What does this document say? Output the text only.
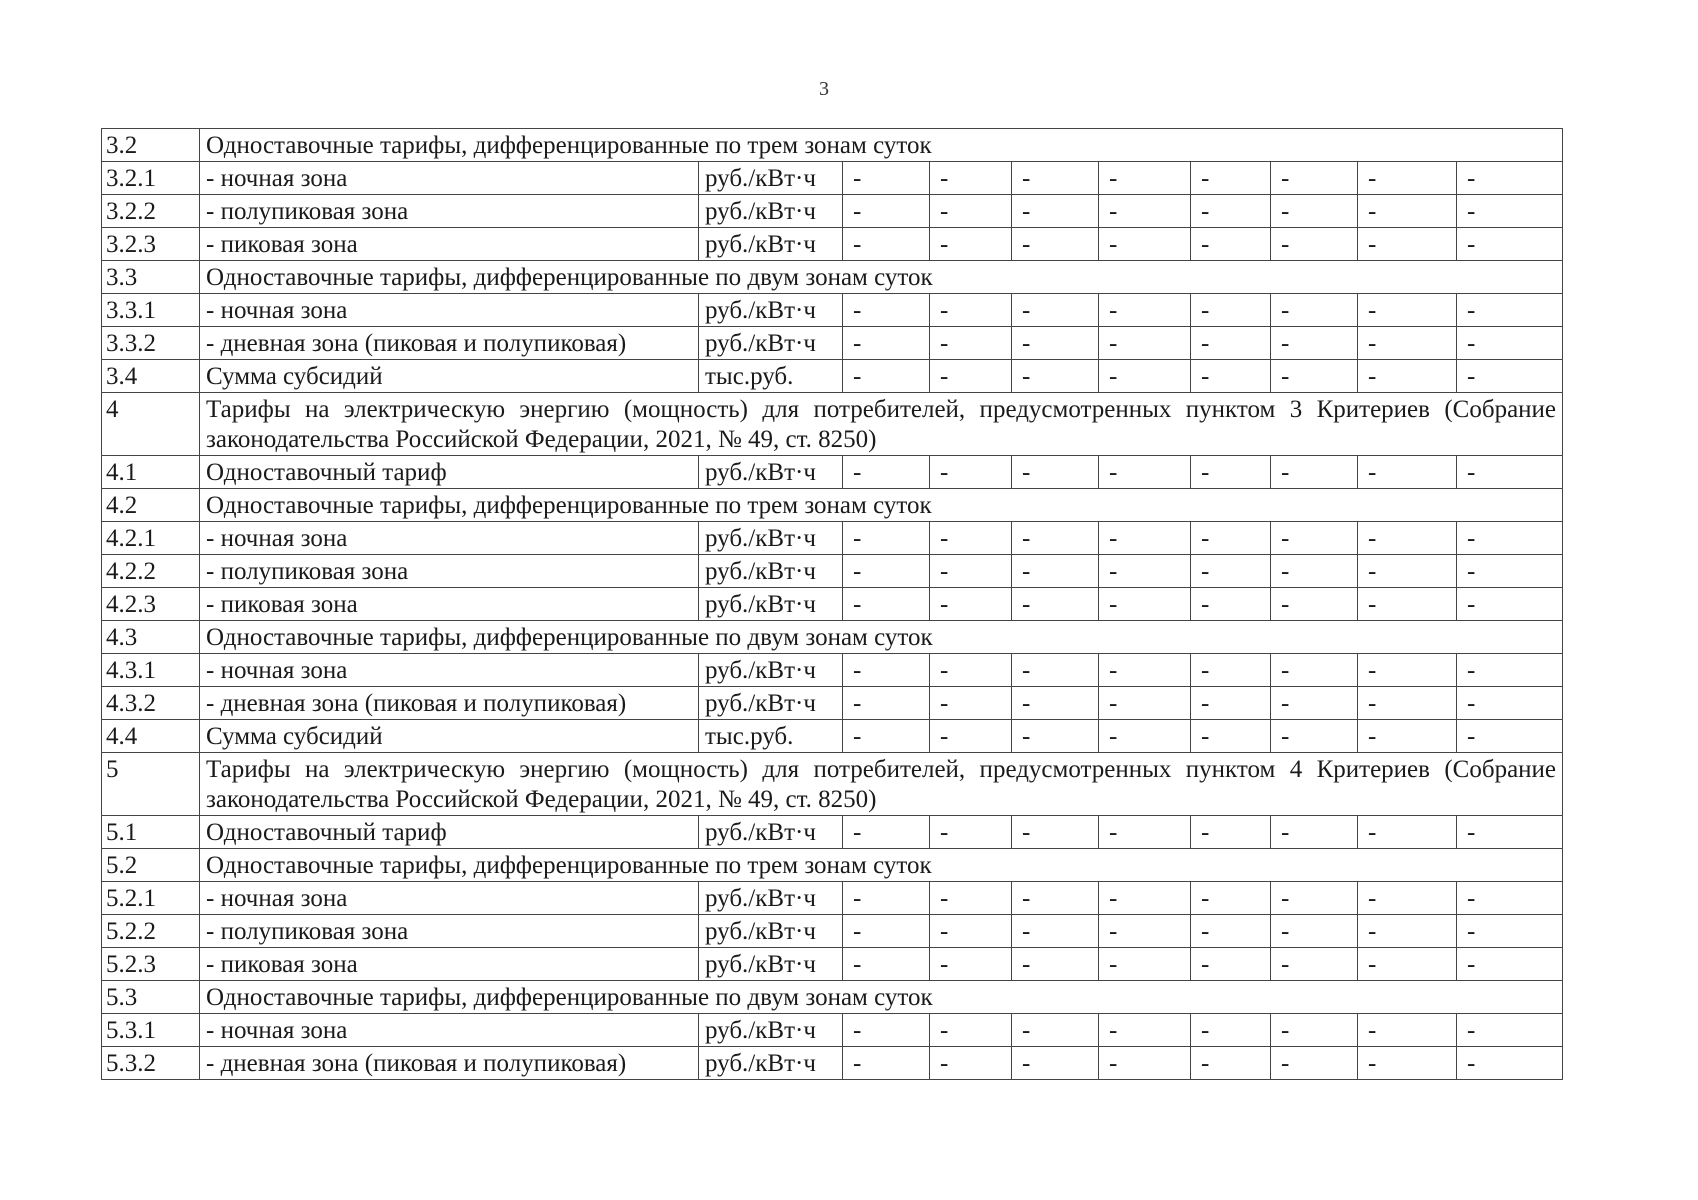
3
3.2	Одноставочные тарифы, дифференцированные по трем зонам суток									
3.2.1	- ночная зона	руб./кВт·ч	-	-	-	-	-	-	-	-
3.2.2	- полупиковая зона	руб./кВт·ч	-	-	-	-	-	-	-	-
3.2.3	- пиковая зона	руб./кВт·ч	-	-	-	-	-	-	-	-
3.3	Одноставочные тарифы, дифференцированные по двум зонам суток									
3.3.1	- ночная зона	руб./кВт·ч	-	-	-	-	-	-	-	-
3.3.2	- дневная зона (пиковая и полупиковая)	руб./кВт·ч	-	-	-	-	-	-	-	-
3.4	Сумма субсидий	тыс.руб.	-	-	-	-	-	-	-	-
4	Тарифы на электрическую энергию (мощность) для потребителей, предусмотренных пунктом 3 Критериев (Собрание законодательства Российской Федерации, 2021, № 49, ст. 8250)									
4.1	Одноставочный тариф	руб./кВт·ч	-	-	-	-	-	-	-	-
4.2	Одноставочные тарифы, дифференцированные по трем зонам суток									
4.2.1	- ночная зона	руб./кВт·ч	-	-	-	-	-	-	-	-
4.2.2	- полупиковая зона	руб./кВт·ч	-	-	-	-	-	-	-	-
4.2.3	- пиковая зона	руб./кВт·ч	-	-	-	-	-	-	-	-
4.3	Одноставочные тарифы, дифференцированные по двум зонам суток									
4.3.1	- ночная зона	руб./кВт·ч	-	-	-	-	-	-	-	-
4.3.2	- дневная зона (пиковая и полупиковая)	руб./кВт·ч	-	-	-	-	-	-	-	-
4.4	Сумма субсидий	тыс.руб.	-	-	-	-	-	-	-	-
5	Тарифы на электрическую энергию (мощность) для потребителей, предусмотренных пунктом 4 Критериев (Собрание законодательства Российской Федерации, 2021, № 49, ст. 8250)									
5.1	Одноставочный тариф	руб./кВт·ч	-	-	-	-	-	-	-	-
5.2	Одноставочные тарифы, дифференцированные по трем зонам суток									
5.2.1	- ночная зона	руб./кВт·ч	-	-	-	-	-	-	-	-
5.2.2	- полупиковая зона	руб./кВт·ч	-	-	-	-	-	-	-	-
5.2.3	- пиковая зона	руб./кВт·ч	-	-	-	-	-	-	-	-
5.3	Одноставочные тарифы, дифференцированные по двум зонам суток									
5.3.1	- ночная зона	руб./кВт·ч	-	-	-	-	-	-	-	-
5.3.2	- дневная зона (пиковая и полупиковая)	руб./кВт·ч	-	-	-	-	-	-	-	-
